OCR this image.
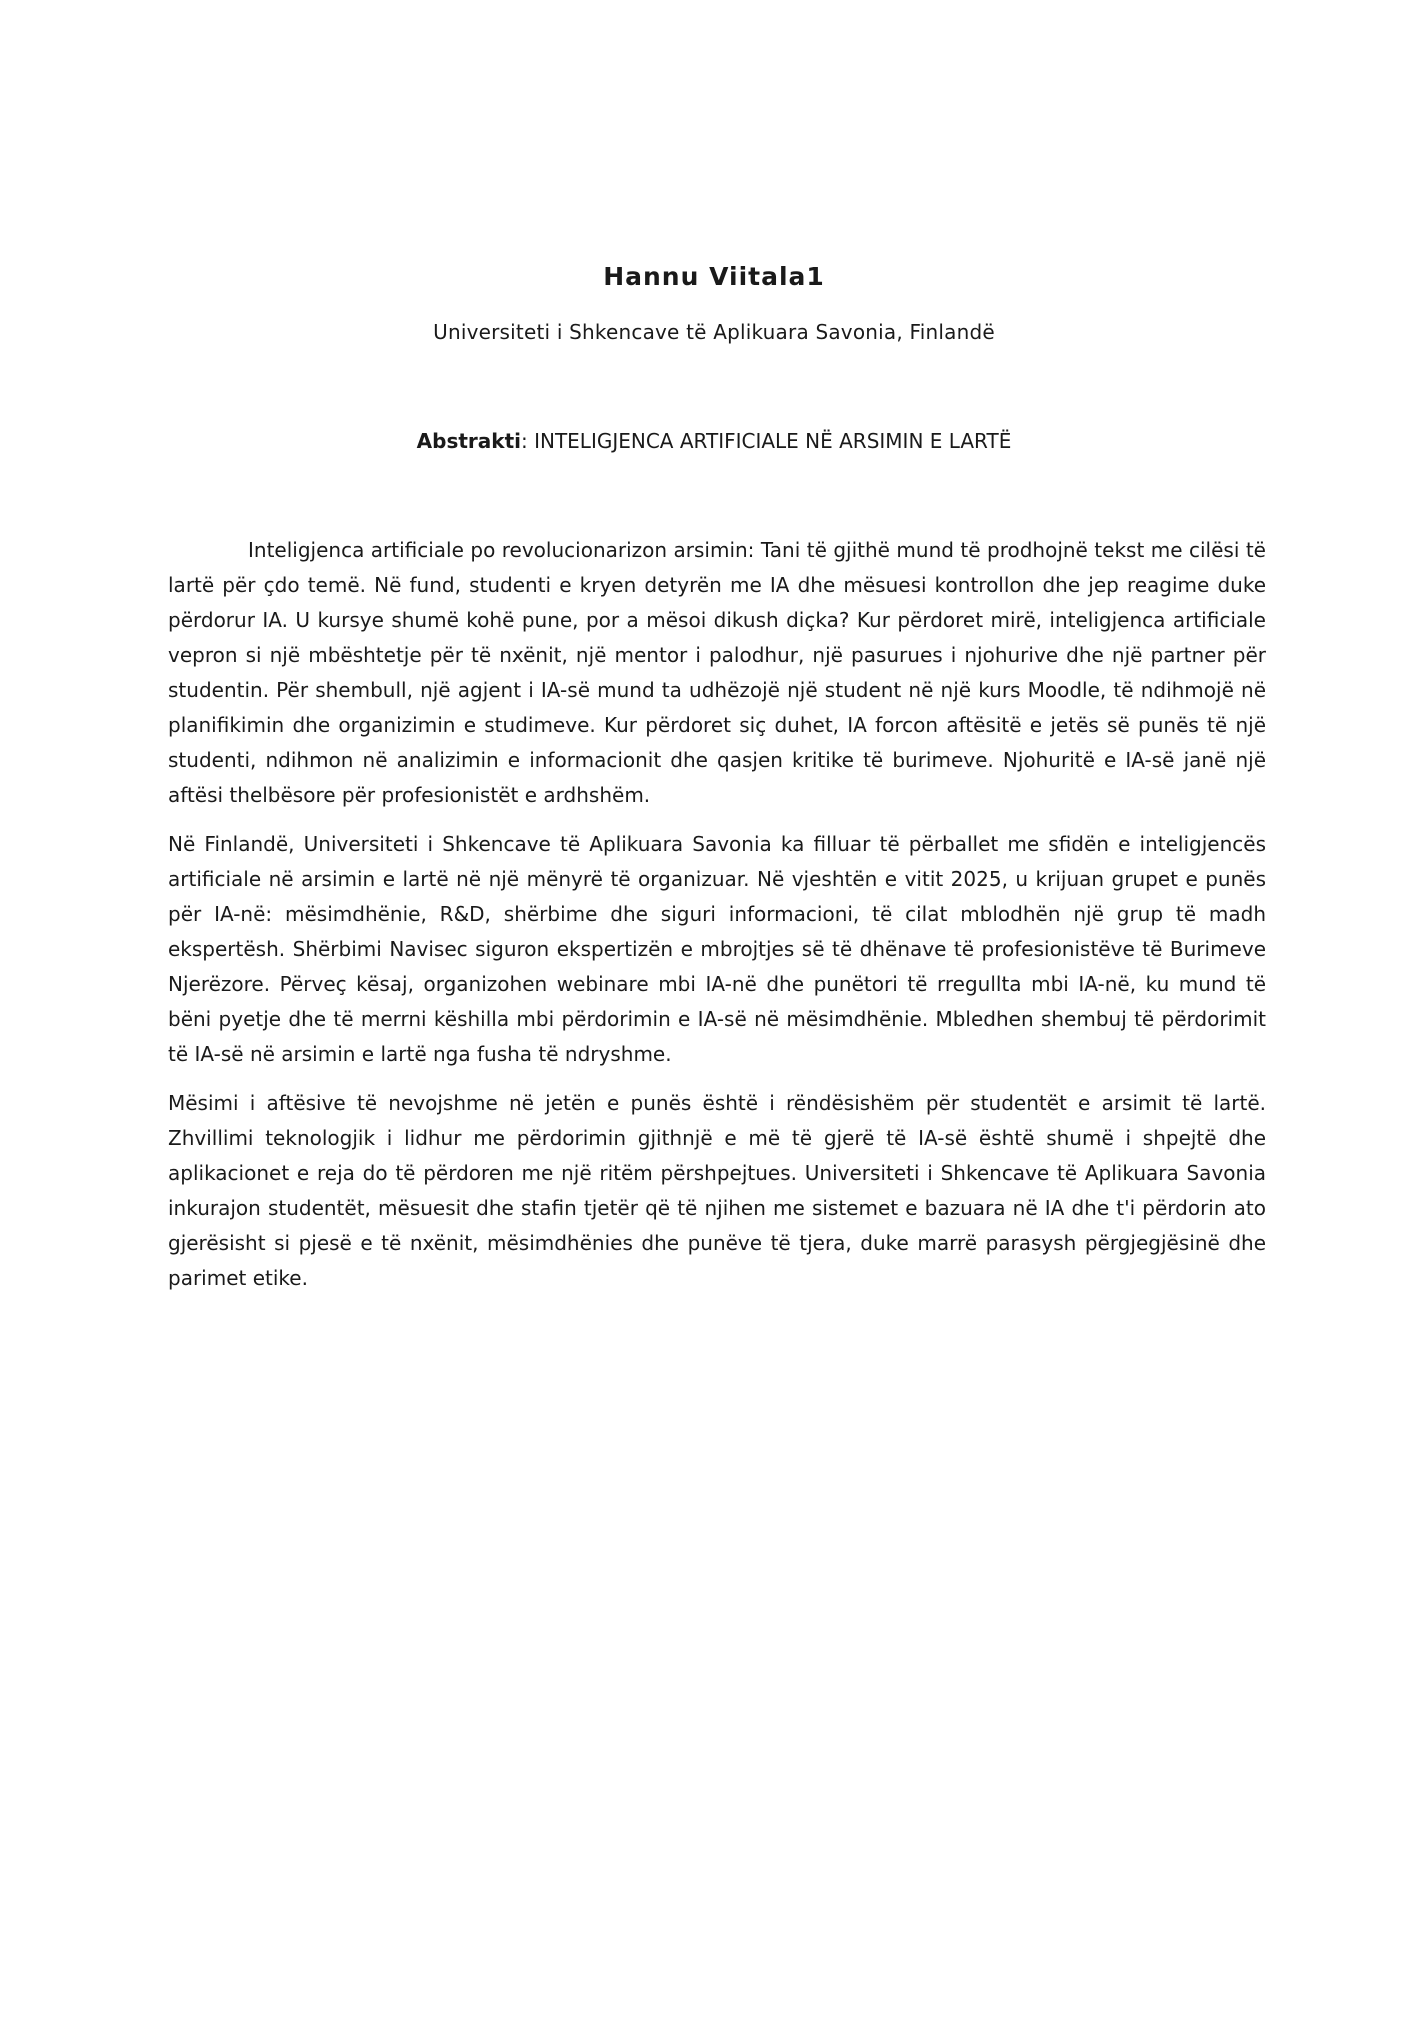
Hannu Viitala1
Universiteti i Shkencave të Aplikuara Savonia, Finlandë
Abstrakti: INTELIGJENCA ARTIFICIALE NË ARSIMIN E LARTË

Inteligjenca artificiale po revolucionarizon arsimin: Tani të gjithë mund të prodhojnë tekst me cilësi të lartë për çdo temë. Në fund, studenti e kryen detyrën me IA dhe mësuesi kontrollon dhe jep reagime duke përdorur IA. U kursye shumë kohë pune, por a mësoi dikush diçka? Kur përdoret mirë, inteligjenca artificiale vepron si një mbështetje për të nxënit, një mentor i palodhur, një pasurues i njohurive dhe një partner për studentin. Për shembull, një agjent i IA-së mund ta udhëzojë një student në një kurs Moodle, të ndihmojë në planifikimin dhe organizimin e studimeve. Kur përdoret siç duhet, IA forcon aftësitë e jetës së punës të një studenti, ndihmon në analizimin e informacionit dhe qasjen kritike të burimeve. Njohuritë e IA-së janë një aftësi thelbësore për profesionistët e ardhshëm.

Në Finlandë, Universiteti i Shkencave të Aplikuara Savonia ka filluar të përballet me sfidën e inteligjencës artificiale në arsimin e lartë në një mënyrë të organizuar. Në vjeshtën e vitit 2025, u krijuan grupet e punës për IA-në: mësimdhënie, R&D, shërbime dhe siguri informacioni, të cilat mblodhën një grup të madh ekspertësh. Shërbimi Navisec siguron ekspertizën e mbrojtjes së të dhënave të profesionistëve të Burimeve Njerëzore. Përveç kësaj, organizohen webinare mbi IA-në dhe punëtori të rregullta mbi IA-në, ku mund të bëni pyetje dhe të merrni këshilla mbi përdorimin e IA-së në mësimdhënie. Mbledhen shembuj të përdorimit të IA-së në arsimin e lartë nga fusha të ndryshme.

Mësimi i aftësive të nevojshme në jetën e punës është i rëndësishëm për studentët e arsimit të lartë. Zhvillimi teknologjik i lidhur me përdorimin gjithnjë e më të gjerë të IA-së është shumë i shpejtë dhe aplikacionet e reja do të përdoren me një ritëm përshpejtues. Universiteti i Shkencave të Aplikuara Savonia inkurajon studentët, mësuesit dhe stafin tjetër që të njihen me sistemet e bazuara në IA dhe t'i përdorin ato gjerësisht si pjesë e të nxënit, mësimdhënies dhe punëve të tjera, duke marrë parasysh përgjegjësinë dhe parimet etike.
